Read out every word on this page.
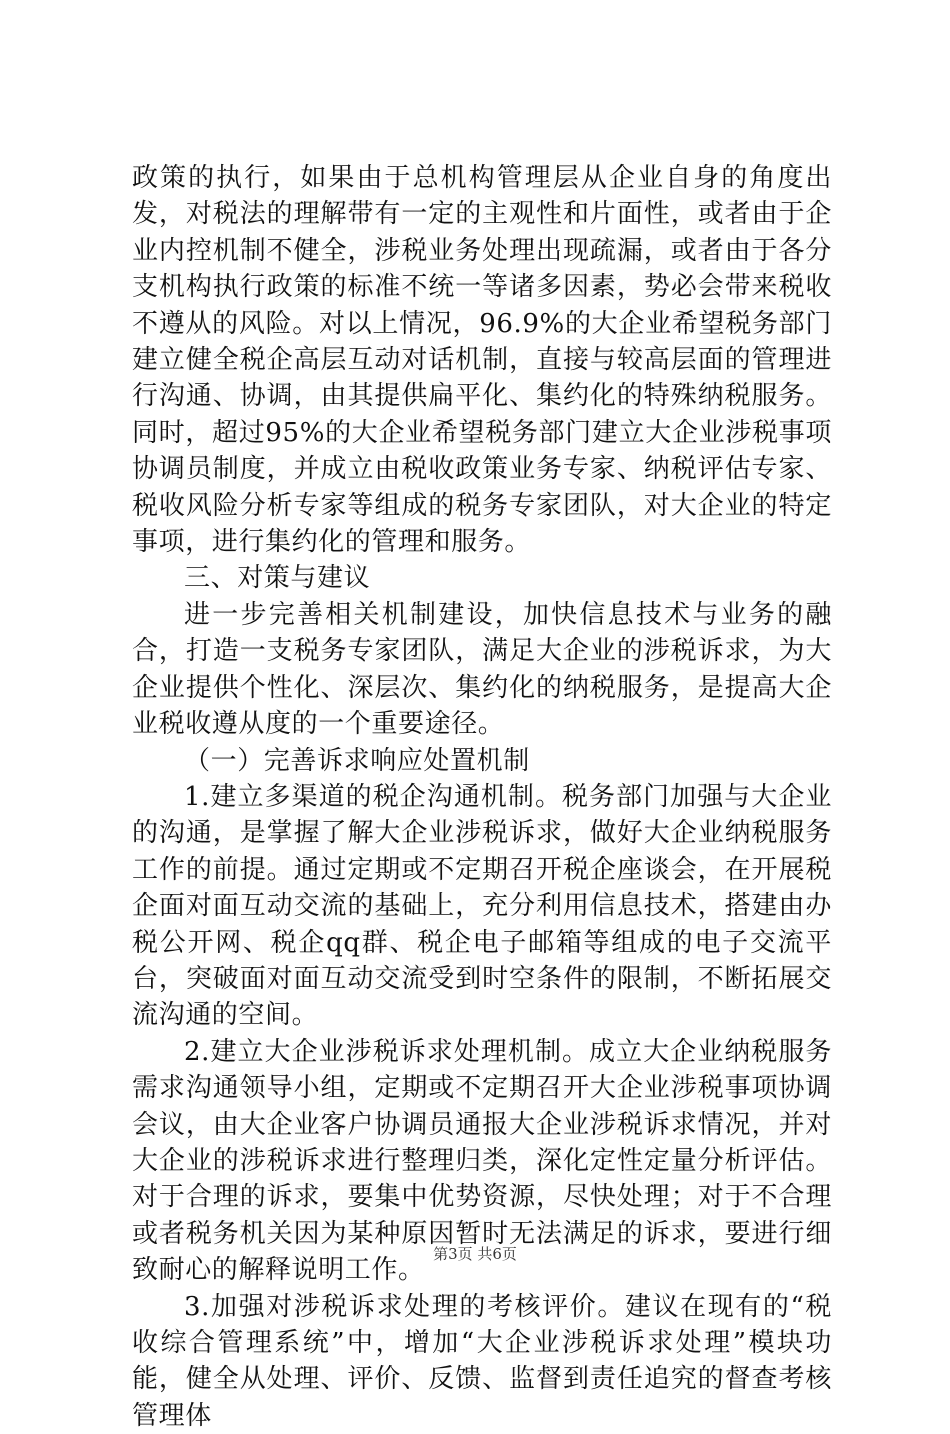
政策的执行，如果由于总机构管理层从企业自身的角度出发，对税法的理解带有一定的主观性和片面性，或者由于企业内控机制不健全，涉税业务处理出现疏漏，或者由于各分支机构执行政策的标准不统一等诸多因素，势必会带来税收不遵从的风险。对以上情况，96.9%的大企业希望税务部门建立健全税企高层互动对话机制，直接与较高层面的管理进行沟通、协调，由其提供扁平化、集约化的特殊纳税服务。同时，超过95%的大企业希望税务部门建立大企业涉税事项协调员制度，并成立由税收政策业务专家、纳税评估专家、税收风险分析专家等组成的税务专家团队，对大企业的特定事项，进行集约化的管理和服务。

三、对策与建议

进一步完善相关机制建设，加快信息技术与业务的融合，打造一支税务专家团队，满足大企业的涉税诉求，为大企业提供个性化、深层次、集约化的纳税服务，是提高大企业税收遵从度的一个重要途径。

（一）完善诉求响应处置机制

1.建立多渠道的税企沟通机制。税务部门加强与大企业的沟通，是掌握了解大企业涉税诉求，做好大企业纳税服务工作的前提。通过定期或不定期召开税企座谈会，在开展税企面对面互动交流的基础上，充分利用信息技术，搭建由办税公开网、税企qq群、税企电子邮箱等组成的电子交流平台，突破面对面互动交流受到时空条件的限制，不断拓展交流沟通的空间。

2.建立大企业涉税诉求处理机制。成立大企业纳税服务需求沟通领导小组，定期或不定期召开大企业涉税事项协调会议，由大企业客户协调员通报大企业涉税诉求情况，并对大企业的涉税诉求进行整理归类，深化定性定量分析评估。对于合理的诉求，要集中优势资源，尽快处理；对于不合理或者税务机关因为某种原因暂时无法满足的诉求，要进行细致耐心的解释说明工作。

3.加强对涉税诉求处理的考核评价。建议在现有的“税收综合管理系统”中，增加“大企业涉税诉求处理”模块功能，健全从处理、评价、反馈、监督到责任追究的督查考核管理体

第3页 共6页
